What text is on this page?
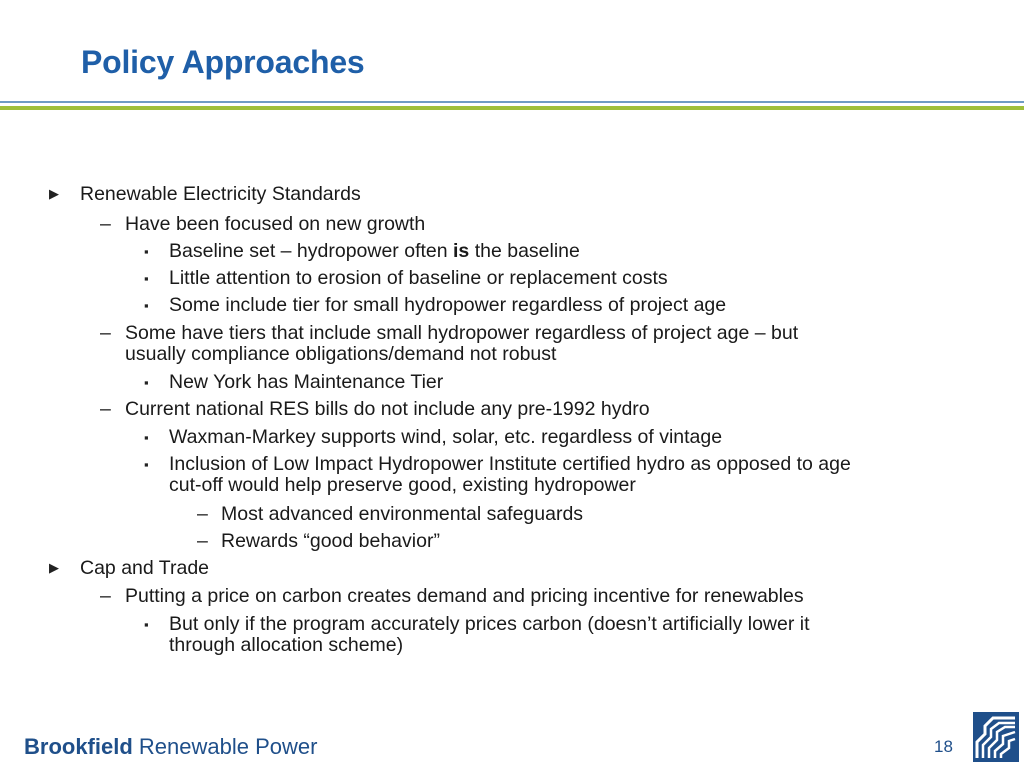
Policy Approaches
▶ Renewable Electricity Standards
– Have been focused on new growth
▪ Baseline set – hydropower often is the baseline
▪ Little attention to erosion of baseline or replacement costs
▪ Some include tier for small hydropower regardless of project age
– Some have tiers that include small hydropower regardless of project age – but
usually compliance obligations/demand not robust
▪ New York has Maintenance Tier
– Current national RES bills do not include any pre-1992 hydro
▪ Waxman-Markey supports wind, solar, etc. regardless of vintage
▪ Inclusion of Low Impact Hydropower Institute certified hydro as opposed to age
cut-off would help preserve good, existing hydropower
– Most advanced environmental safeguards
– Rewards “good behavior”
▶ Cap and Trade
– Putting a price on carbon creates demand and pricing incentive for renewables
▪ But only if the program accurately prices carbon (doesn’t artificially lower it
through allocation scheme)
Brookfield Renewable Power	18
